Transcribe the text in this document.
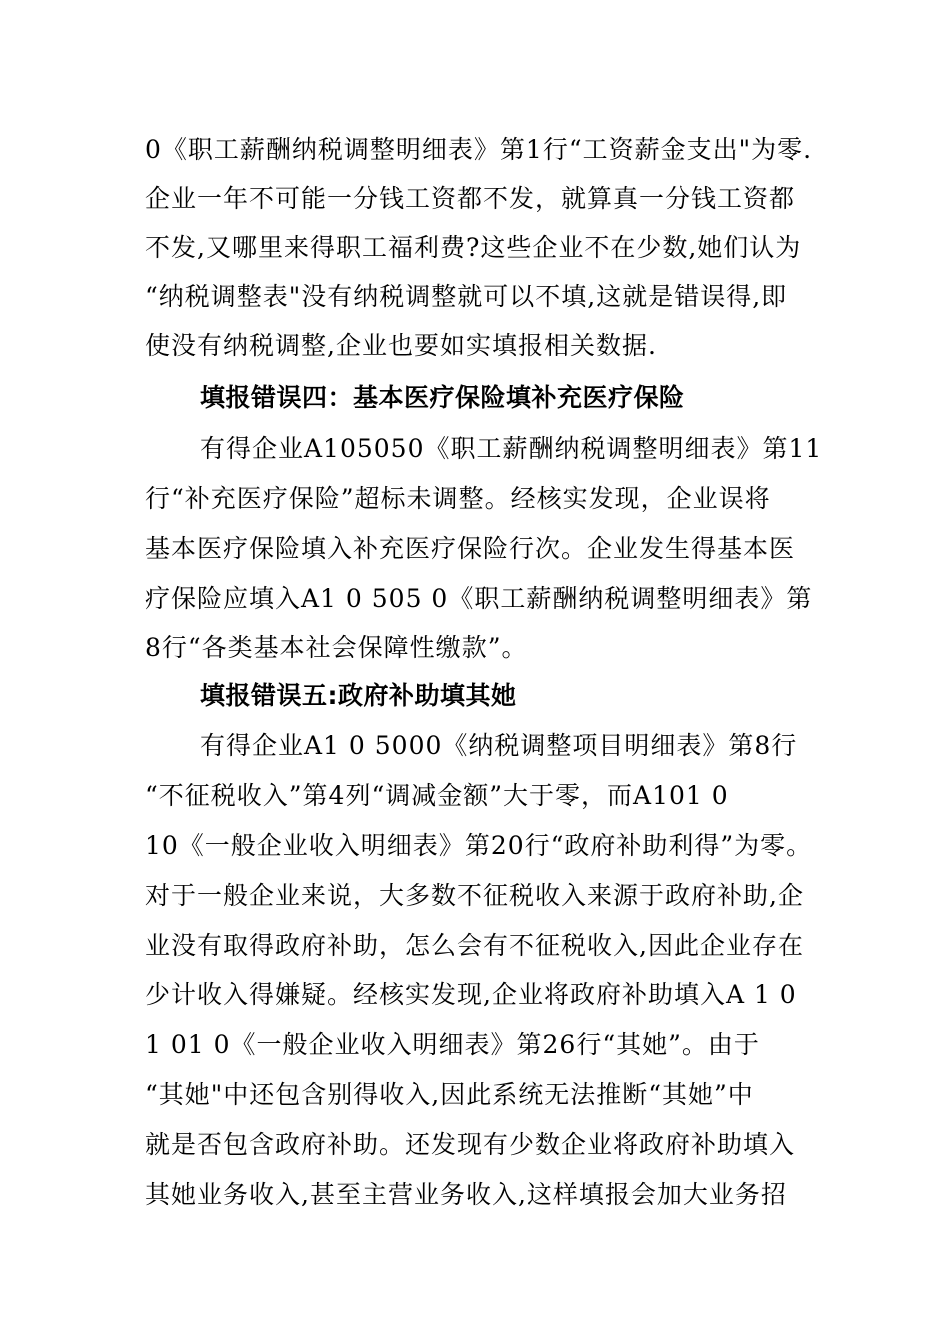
0《职工薪酬纳税调整明细表》第1行“工资薪金支出"为零.
企业一年不可能一分钱工资都不发，就算真一分钱工资都
不发,又哪里来得职工福利费?这些企业不在少数,她们认为
“纳税调整表"没有纳税调整就可以不填,这就是错误得,即
使没有纳税调整,企业也要如实填报相关数据.
填报错误四：基本医疗保险填补充医疗保险
有得企业A105050《职工薪酬纳税调整明细表》第11
行“补充医疗保险”超标未调整。经核实发现，企业误将
基本医疗保险填入补充医疗保险行次。企业发生得基本医
疗保险应填入A1 0 505 0《职工薪酬纳税调整明细表》第
8行“各类基本社会保障性缴款”。
填报错误五:政府补助填其她
有得企业A1 0 5000《纳税调整项目明细表》第8行
“不征税收入”第4列“调减金额”大于零，而A101 0
10《一般企业收入明细表》第20行“政府补助利得”为零。
对于一般企业来说，大多数不征税收入来源于政府补助,企
业没有取得政府补助，怎么会有不征税收入,因此企业存在
少计收入得嫌疑。经核实发现,企业将政府补助填入A 1 0
1 01 0《一般企业收入明细表》第26行“其她”。由于
“其她"中还包含别得收入,因此系统无法推断“其她”中
就是否包含政府补助。还发现有少数企业将政府补助填入
其她业务收入,甚至主营业务收入,这样填报会加大业务招
